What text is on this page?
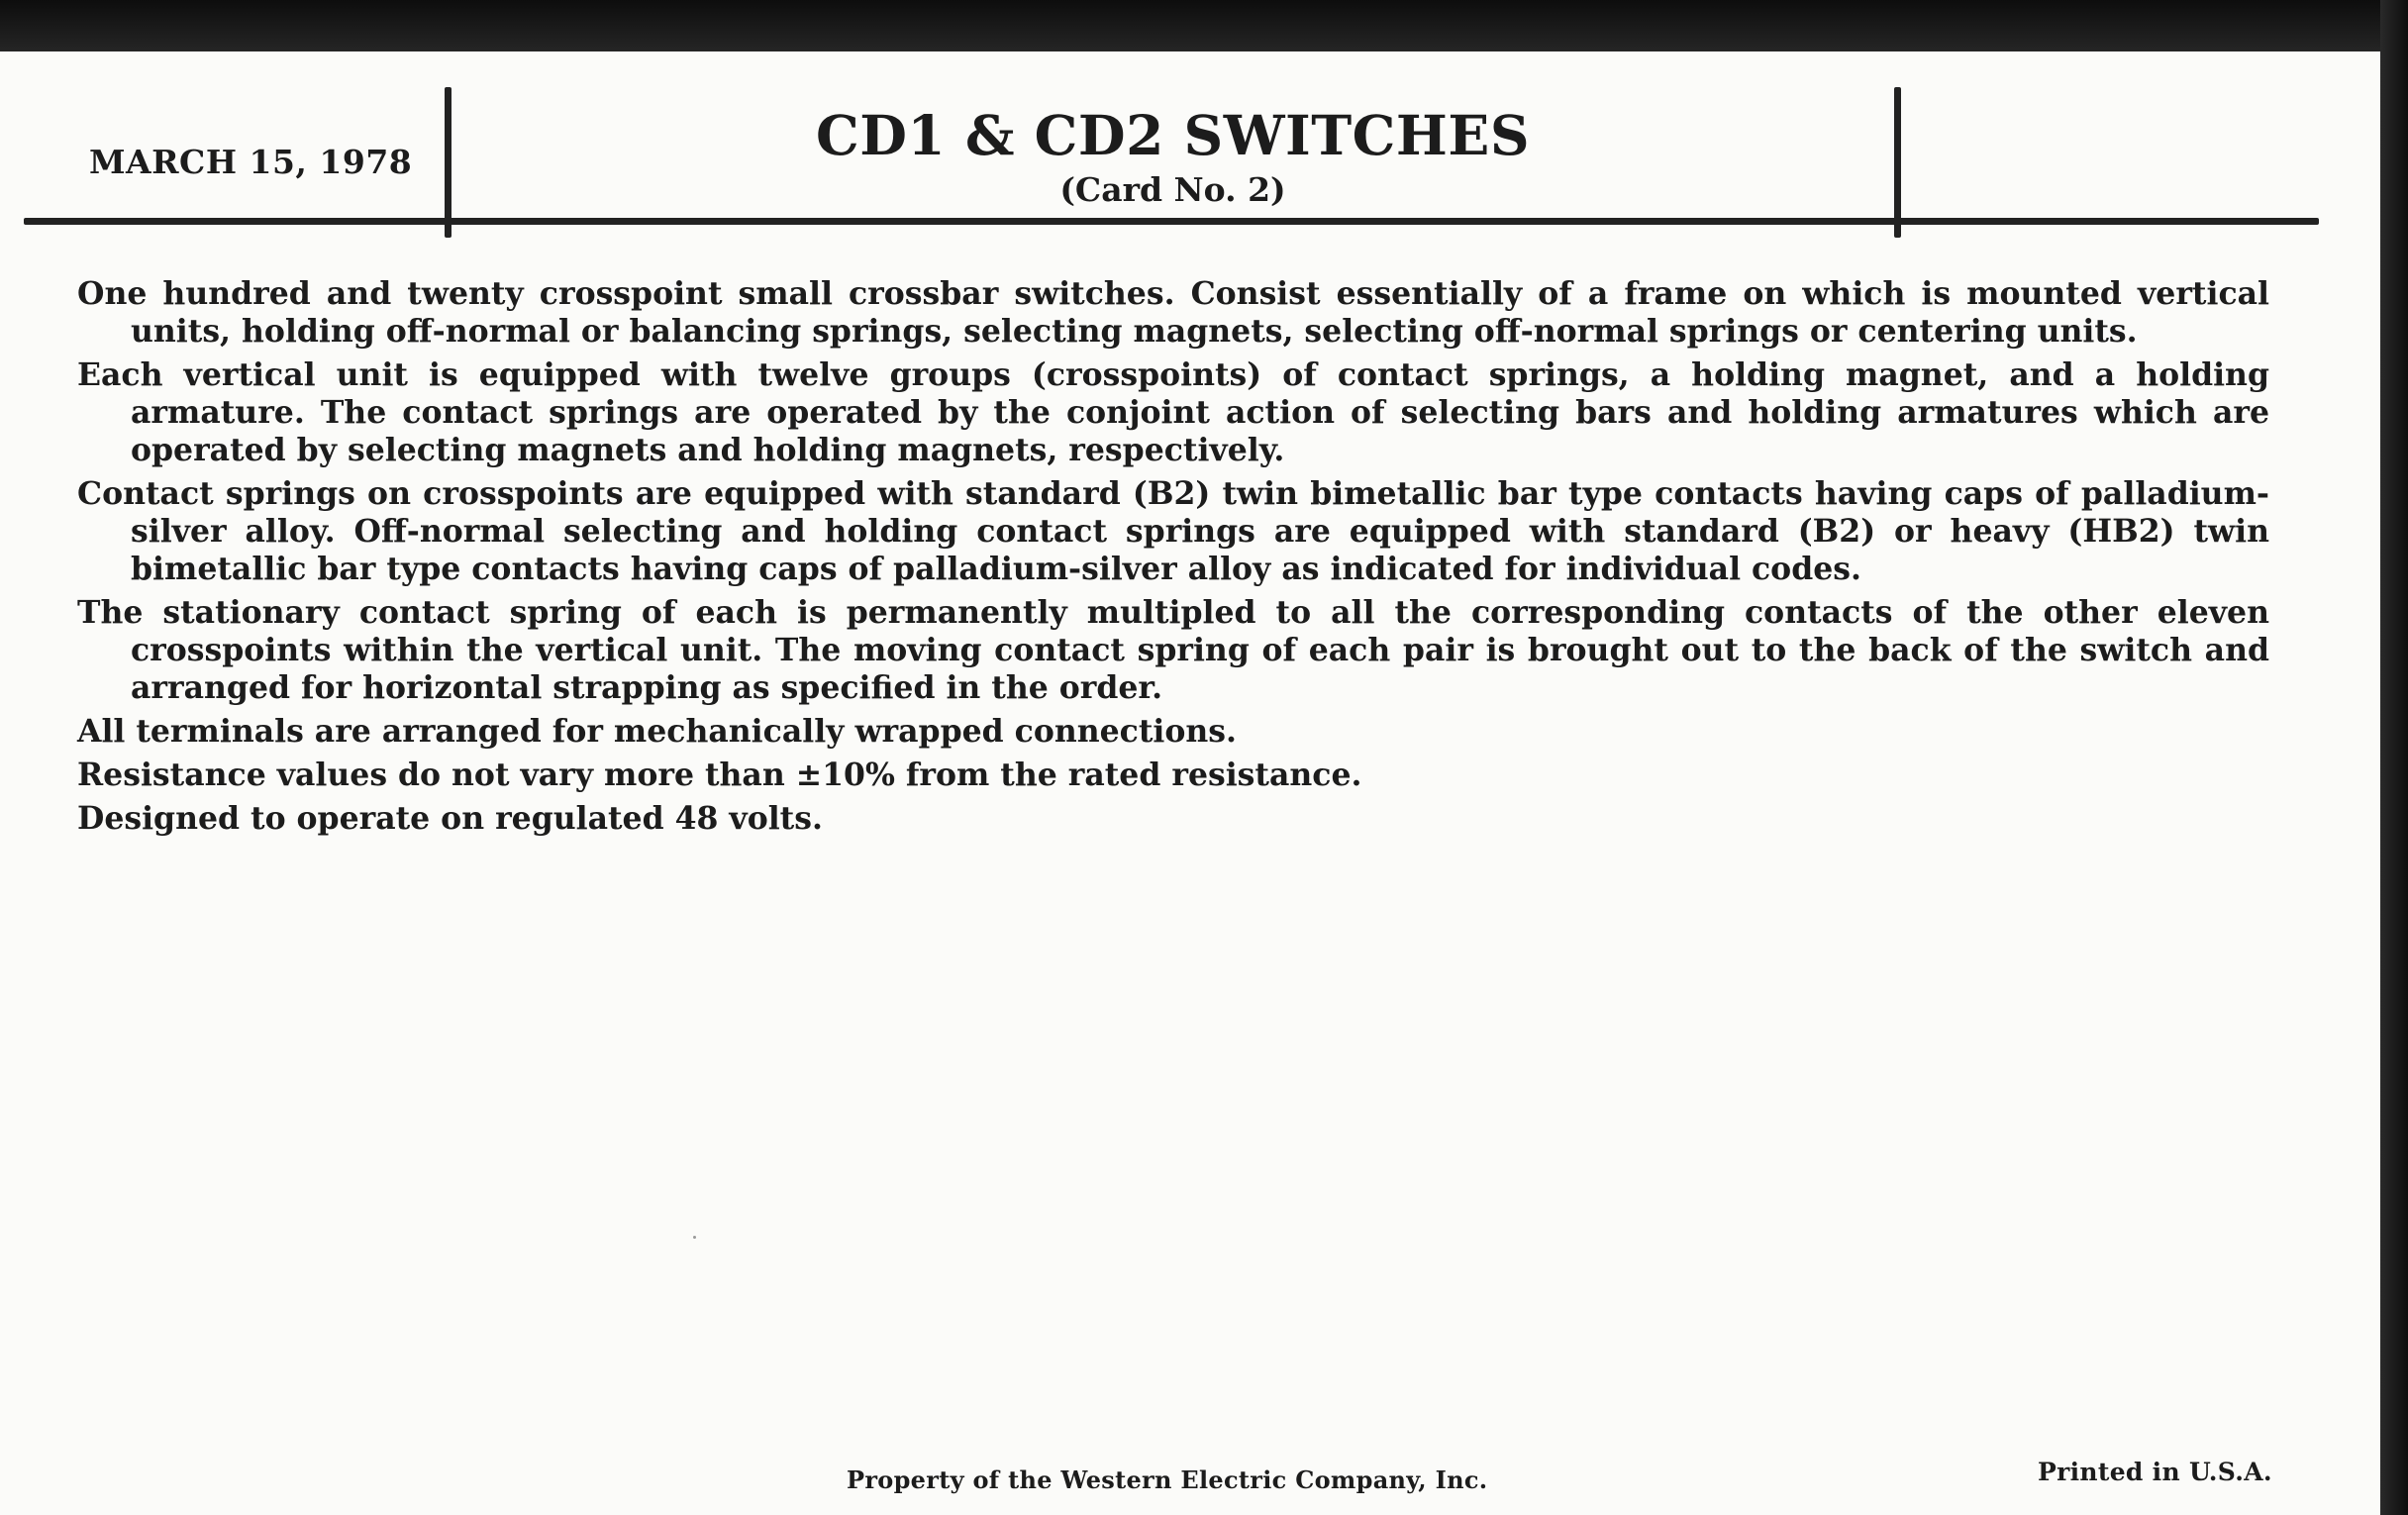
MARCH 15, 1978	CD1 & CD2 SWITCHES
(Card No. 2)

One hundred and twenty crosspoint small crossbar switches. Consist essentially of a frame on which is mounted vertical units, holding off-normal or balancing springs, selecting magnets, selecting off-normal springs or centering units.

Each vertical unit is equipped with twelve groups (crosspoints) of contact springs, a holding magnet, and a holding armature. The contact springs are operated by the conjoint action of selecting bars and holding armatures which are operated by selecting magnets and holding magnets, respectively.

Contact springs on crosspoints are equipped with standard (B2) twin bimetallic bar type contacts having caps of palladium-silver alloy. Off-normal selecting and holding contact springs are equipped with standard (B2) or heavy (HB2) twin bimetallic bar type contacts having caps of palladium-silver alloy as indicated for individual codes.

The stationary contact spring of each is permanently multipled to all the corresponding contacts of the other eleven crosspoints within the vertical unit. The moving contact spring of each pair is brought out to the back of the switch and arranged for horizontal strapping as specified in the order.

All terminals are arranged for mechanically wrapped connections.

Resistance values do not vary more than ±10% from the rated resistance.

Designed to operate on regulated 48 volts.

Property of the Western Electric Company, Inc.	Printed in U.S.A.
